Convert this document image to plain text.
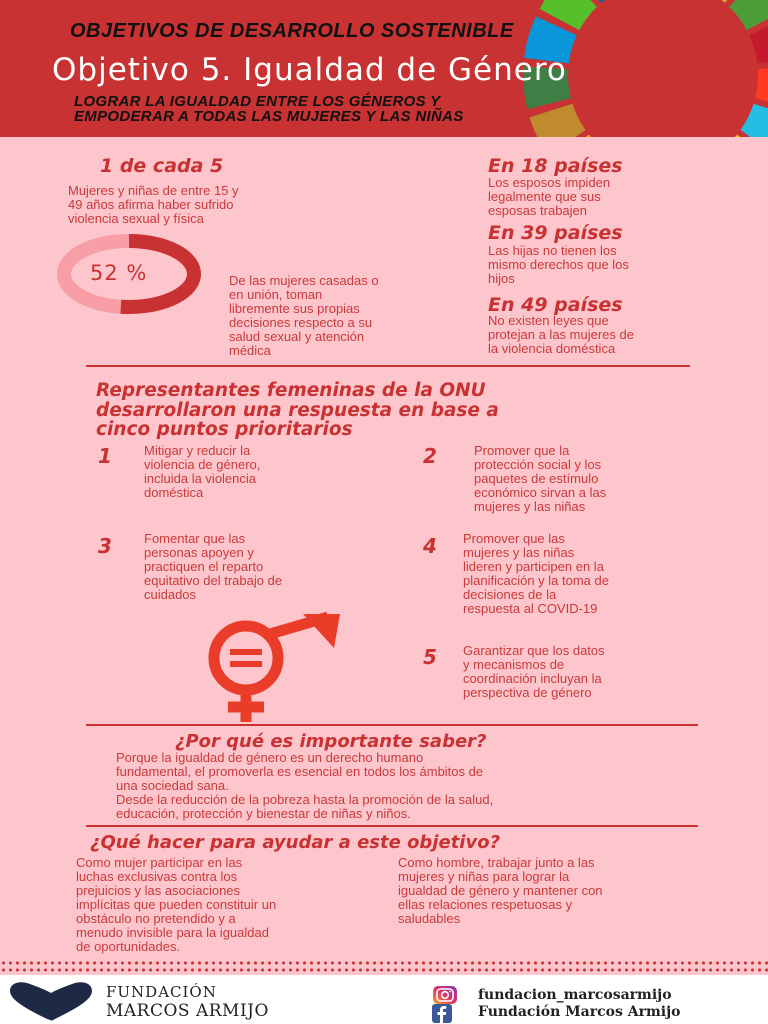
OBJETIVOS DE DESARROLLO SOSTENIBLE
Objetivo 5. Igualdad de Género
LOGRAR LA IGUALDAD ENTRE LOS GÉNEROS Y
EMPODERAR A TODAS LAS MUJERES Y LAS NIÑAS
1 de cada 5
Mujeres y niñas de entre 15 y
49 años afirma haber sufrido
violencia sexual y física
52 %	De las mujeres casadas o
en unión, toman
libremente sus propias
decisiones respecto a su
salud sexual y atención
médica
En 18 países
Los esposos impiden
legalmente que sus
esposas trabajen
En 39 países
Las hijas no tienen los
mismo derechos que los
hijos
En 49 países
No existen leyes que
protejan a las mujeres de
la violencia doméstica
Representantes femeninas de la ONU
desarrollaron una respuesta en base a
cinco puntos prioritarios
1 Mitigar y reducir la
violencia de género,
incluida la violencia
doméstica
2	Promover que la
protección social y los
paquetes de estímulo
económico sirvan a las
mujeres y las niñas
3 Fomentar que las
personas apoyen y
practiquen el reparto
equitativo del trabajo de
cuidados
4 Promover que las
mujeres y las niñas
lideren y participen en la
planificación y la toma de
decisiones de la
respuesta al COVID-19
5 Garantizar que los datos
y mecanismos de
coordinación incluyan la
perspectiva de género
¿Por qué es importante saber?
Porque la igualdad de género es un derecho humano
fundamental, el promoverla es esencial en todos los ámbitos de
una sociedad sana.
Desde la reducción de la pobreza hasta la promoción de la salud,
educación, protección y bienestar de niñas y niños.
¿Qué hacer para ayudar a este objetivo?
Como mujer participar en las
luchas exclusivas contra los
prejuicios y las asociaciones
implícitas que pueden constituir un
obstáculo no pretendido y a
menudo invisible para la igualdad
de oportunidades.
Como hombre, trabajar junto a las
mujeres y niñas para lograr la
igualdad de género y mantener con
ellas relaciones respetuosas y
saludables
FUNDACIÓN
MARCOS ARMIJO
fundacion_marcosarmijo
Fundación Marcos Armijo
